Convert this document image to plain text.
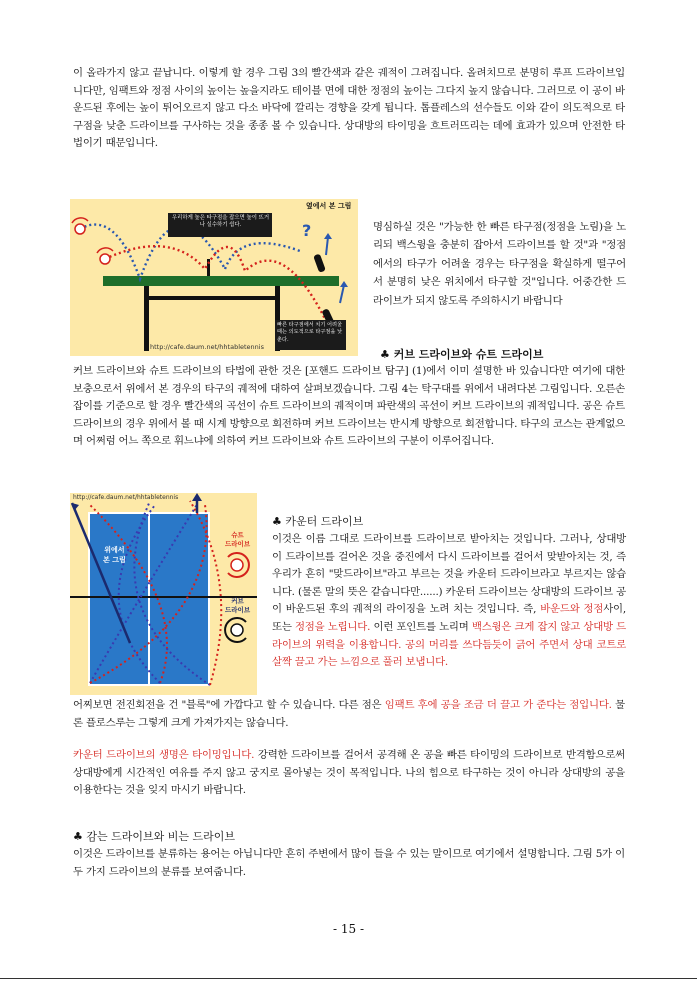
이 올라가지 않고 끝납니다. 이렇게 할 경우 그림 3의 빨간색과 같은 궤적이 그려집니다. 올려치므로 분명히 루프 드라이브입니다만, 임팩트와 정점 사이의 높이는 높을지라도 테이블 면에 대한 정점의 높이는 그다지 높지 않습니다. 그러므로 이 공이 바운드된 후에는 높이 튀어오르지 않고 다소 바닥에 깔리는 경향을 갖게 됩니다. 톱플레스의 선수들도 이와 같이 의도적으로 타구점을 낮춘 드라이브를 구사하는 것을 종종 볼 수 있습니다. 상대방의 타이밍을 흐트러뜨리는 데에 효과가 있으며 안전한 타법이기 때문입니다.
옆에서 본 그림
?
우리하게 높은 타구점을 잡으면 높이 뜨거나 실수하기 쉽다.
빠른 타구점에서 치기 어려울 때는 의도적으로 타구점을 낮춘다.
http://cafe.daum.net/hhtabletennis
명심하실 것은 "가능한 한 빠른 타구점(정점을 노림)을 노리되 백스윙을 충분히 잡아서 드라이브를 할 것"과 "정점에서의 타구가 어려울 경우는 타구점을 확실하게 떨구어서 분명히 낮은 위치에서 타구할 것"입니다. 어중간한 드라이브가 되지 않도록 주의하시기 바랍니다
♣ 커브 드라이브와 슈트 드라이브
커브 드라이브와 슈트 드라이브의 타법에 관한 것은 [포핸드 드라이브 탐구] (1)에서 이미 설명한 바 있습니다만 여기에 대한 보충으로서 위에서 본 경우의 타구의 궤적에 대하여 살펴보겠습니다. 그림 4는 탁구대를 위에서 내려다본 그림입니다. 오른손잡이를 기준으로 할 경우 빨간색의 곡선이 슈트 드라이브의 궤적이며 파란색의 곡선이 커브 드라이브의 궤적입니다. 공은 슈트 드라이브의 경우 위에서 볼 때 시계 방향으로 회전하며 커브 드라이브는 반시계 방향으로 회전합니다. 타구의 코스는 관계없으며 어쩌럼 어느 쪽으로 휘느냐에 의하여 커브 드라이브와 슈트 드라이브의 구분이 이루어집니다.
http://cafe.daum.net/hhtabletennis
위에서
본 그림
슈트
드라이브
커브
드라이브
♣ 카운터 드라이브
이것은 이름 그대로 드라이브를 드라이브로 받아치는 것입니다. 그러나, 상대방이 드라이브를 걸어온 것을 중진에서 다시 드라이브를 걸어서 맞받아치는 것, 즉 우리가 흔히 "맞드라이브"라고 부르는 것을 카운터 드라이브라고 부르지는 않습니다. (물론 말의 뜻은 같습니다만......) 카운터 드라이브는 상대방의 드라이브 공이 바운드된 후의 궤적의 라이징을 노려 치는 것입니다. 즉, 바운드와 정점사이, 또는 정점을 노립니다. 이런 포인트를 노리며 백스윙은 크게 잡지 않고 상대방 드라이브의 위력을 이용합니다. 공의 머리를 쓰다듬듯이 긁어 주면서 상대 코트로 살짝 끌고 가는 느낌으로 풀러 보냅니다.
어찌보면 전진회전을 건 "블록"에 가깝다고 할 수 있습니다. 다른 점은 임팩트 후에 공을 조금 더 끌고 가 준다는 점입니다. 물론 플로스루는 그렇게 크게 가져가지는 않습니다.
카운터 드라이브의 생명은 타이밍입니다. 강력한 드라이브를 걸어서 공격해 온 공을 빠른 타이밍의 드라이브로 반격함으로써 상대방에게 시간적인 여유를 주지 않고 궁지로 몰아넣는 것이 목적입니다. 나의 힘으로 타구하는 것이 아니라 상대방의 공을 이용한다는 것을 잊지 마시기 바랍니다.
♣ 감는 드라이브와 비는 드라이브
이것은 드라이브를 분류하는 용어는 아닙니다만 흔히 주변에서 많이 들을 수 있는 말이므로 여기에서 설명합니다. 그림 5가 이 두 가지 드라이브의 분류를 보여줍니다.
- 15 -
